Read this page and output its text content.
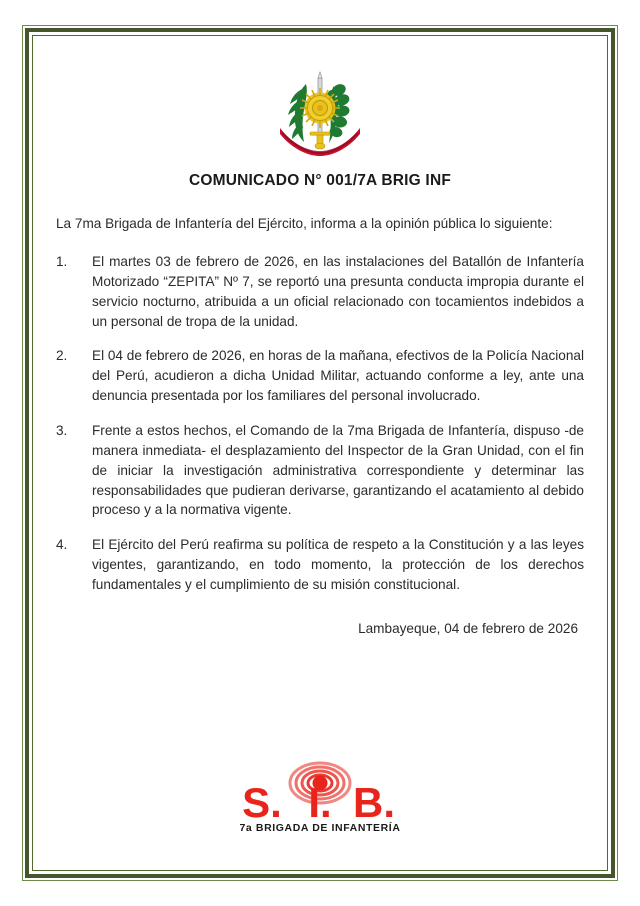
COMUNICADO N° 001/7A BRIG INF

La 7ma Brigada de Infantería del Ejército, informa a la opinión pública lo siguiente:

1.	El martes 03 de febrero de 2026, en las instalaciones del Batallón de Infantería Motorizado “ZEPITA” Nº 7, se reportó una presunta conducta impropia durante el servicio nocturno, atribuida a un oficial relacionado con tocamientos indebidos a un personal de tropa de la unidad.
2.	El 04 de febrero de 2026, en horas de la mañana, efectivos de la Policía Nacional del Perú, acudieron a dicha Unidad Militar, actuando conforme a ley, ante una denuncia presentada por los familiares del personal involucrado.
3.	Frente a estos hechos, el Comando de la 7ma Brigada de Infantería, dispuso -de manera inmediata- el desplazamiento del Inspector de la Gran Unidad, con el fin de iniciar la investigación administrativa correspondiente y determinar las responsabilidades que pudieran derivarse, garantizando el acatamiento al debido proceso y a la normativa vigente.
4.	El Ejército del Perú reafirma su política de respeto a la Constitución y a las leyes vigentes, garantizando, en todo momento, la protección de los derechos fundamentales y el cumplimiento de su misión constitucional.
Lambayeque, 04 de febrero de 2026
S. I. B.
7a BRIGADA DE INFANTERÍA
